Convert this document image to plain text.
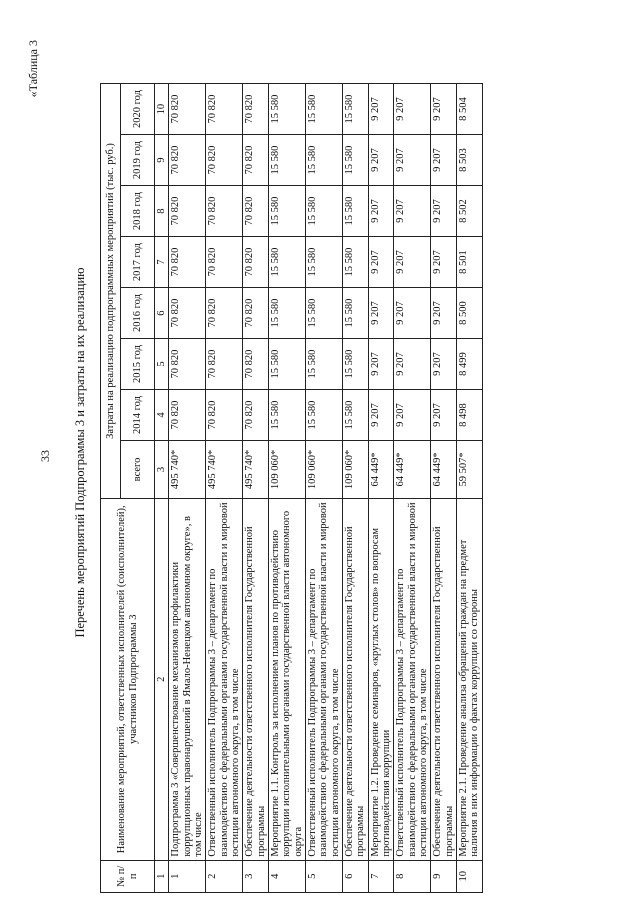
33
«Таблица 3
Перечень мероприятий Подпрограммы 3 и затраты на их реализацию
№ п/п	Наименование мероприятий, ответственных исполнителей (соисполнителей), участников Подпрограммы 3	Затраты на реализацию подпрограммных мероприятий (тыс. руб.)							
		всего	2014 год	2015 год	2016 год	2017 год	2018 год	2019 год	2020 год
1	2	3	4	5	6	7	8	9	10
1	Подпрограмма 3 «Совершенствование механизмов профилактики коррупционных правонарушений в Ямало-Ненецком автономном округе», в том числе	495 740*	70 820	70 820	70 820	70 820	70 820	70 820	70 820
2	Ответственный исполнитель Подпрограммы 3 – департамент по взаимодействию с федеральными органами государственной власти и мировой юстиции автономного округа, в том числе	495 740*	70 820	70 820	70 820	70 820	70 820	70 820	70 820
3	Обеспечение деятельности ответственного исполнителя Государственной программы	495 740*	70 820	70 820	70 820	70 820	70 820	70 820	70 820
4	Мероприятие 1.1. Контроль за исполнением планов по противодействию коррупции исполнительными органами государственной власти автономного округа	109 060*	15 580	15 580	15 580	15 580	15 580	15 580	15 580
5	Ответственный исполнитель Подпрограммы 3 – департамент по взаимодействию с федеральными органами государственной власти и мировой юстиции автономного округа, в том числе	109 060*	15 580	15 580	15 580	15 580	15 580	15 580	15 580
6	Обеспечение деятельности ответственного исполнителя Государственной программы	109 060*	15 580	15 580	15 580	15 580	15 580	15 580	15 580
7	Мероприятие 1.2. Проведение семинаров, «круглых столов» по вопросам противодействия коррупции	64 449*	9 207	9 207	9 207	9 207	9 207	9 207	9 207
8	Ответственный исполнитель Подпрограммы 3 – департамент по взаимодействию с федеральными органами государственной власти и мировой юстиции автономного округа, в том числе	64 449*	9 207	9 207	9 207	9 207	9 207	9 207	9 207
9	Обеспечение деятельности ответственного исполнителя Государственной программы	64 449*	9 207	9 207	9 207	9 207	9 207	9 207	9 207
10	Мероприятие 2.1. Проведение анализа обращений граждан на предмет наличия в них информации о фактах коррупции со стороны	59 507*	8 498	8 499	8 500	8 501	8 502	8 503	8 504
